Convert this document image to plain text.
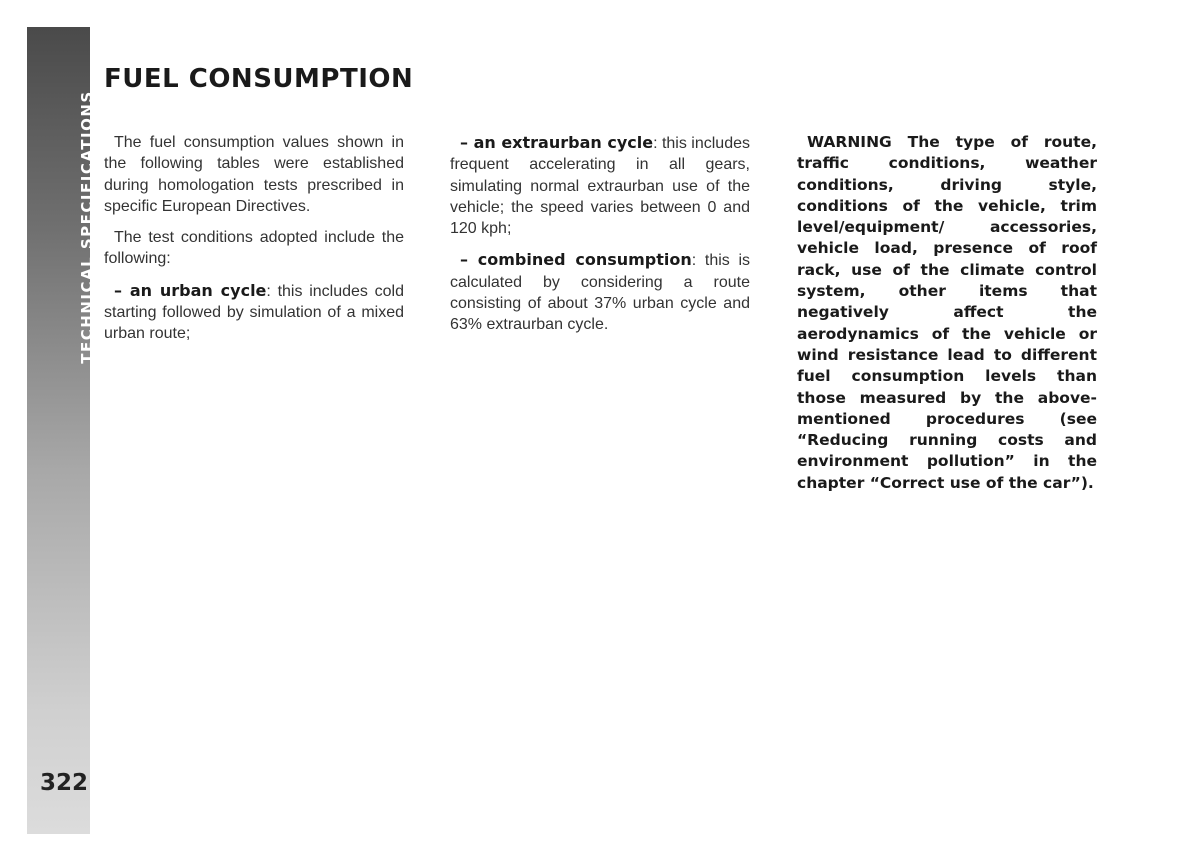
TECHNICAL SPECIFICATIONS
322
FUEL CONSUMPTION

The fuel consumption values shown in the following tables were established during homologation tests prescribed in specific European Directives.

The test conditions adopted include the following:

– an urban cycle: this includes cold starting followed by simulation of a mixed urban route;

– an extraurban cycle: this includes frequent accelerating in all gears, simulating normal extraurban use of the vehicle; the speed varies between 0 and 120 kph;

– combined consumption: this is calculated by considering a route consisting of about 37% urban cycle and 63% extraurban cycle.

WARNING The type of route, traffic conditions, weather conditions, driving style, conditions of the vehicle, trim level/equipment/ accessories, vehicle load, presence of roof rack, use of the climate control system, other items that negatively affect the aerodynamics of the vehicle or wind resistance lead to different fuel consumption levels than those measured by the above-mentioned procedures (see “Reducing running costs and environment pollution” in the chapter “Correct use of the car”).
